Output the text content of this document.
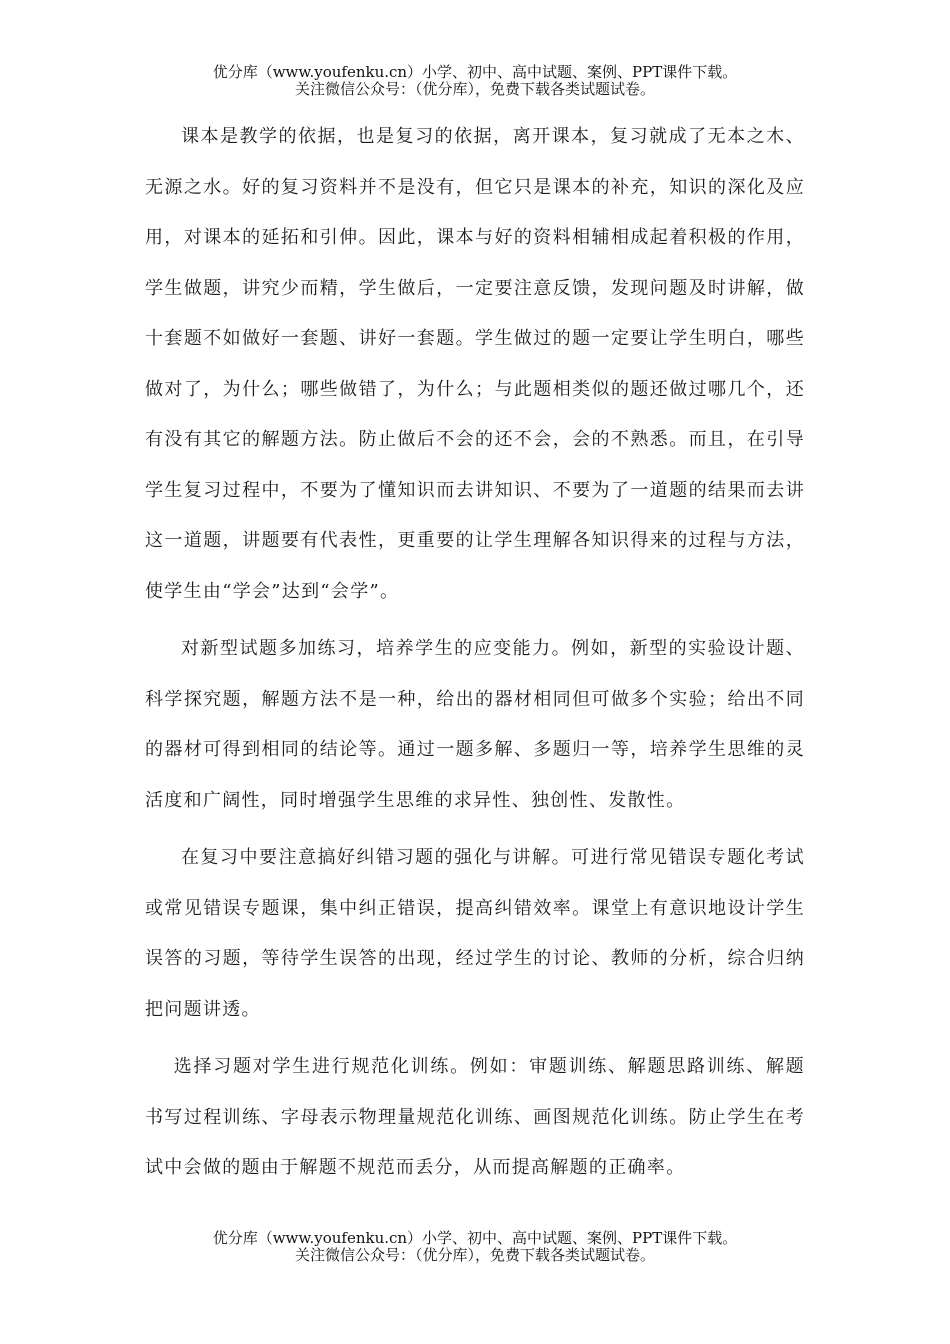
优分库（www.youfenku.cn）小学、初中、高中试题、案例、PPT课件下载。
关注微信公众号：（优分库），免费下载各类试题试卷。

课本是教学的依据，也是复习的依据，离开课本，复习就成了无本之木、无源之水。好的复习资料并不是没有，但它只是课本的补充，知识的深化及应用，对课本的延拓和引伸。因此，课本与好的资料相辅相成起着积极的作用，学生做题，讲究少而精，学生做后，一定要注意反馈，发现问题及时讲解，做十套题不如做好一套题、讲好一套题。学生做过的题一定要让学生明白，哪些做对了，为什么；哪些做错了，为什么；与此题相类似的题还做过哪几个，还有没有其它的解题方法。防止做后不会的还不会，会的不熟悉。而且，在引导学生复习过程中，不要为了懂知识而去讲知识、不要为了一道题的结果而去讲这一道题，讲题要有代表性，更重要的让学生理解各知识得来的过程与方法，使学生由“学会”达到“会学”。

对新型试题多加练习，培养学生的应变能力。例如，新型的实验设计题、科学探究题，解题方法不是一种，给出的器材相同但可做多个实验；给出不同的器材可得到相同的结论等。通过一题多解、多题归一等，培养学生思维的灵活度和广阔性，同时增强学生思维的求异性、独创性、发散性。

在复习中要注意搞好纠错习题的强化与讲解。可进行常见错误专题化考试或常见错误专题课，集中纠正错误，提高纠错效率。课堂上有意识地设计学生误答的习题，等待学生误答的出现，经过学生的讨论、教师的分析，综合归纳把问题讲透。

选择习题对学生进行规范化训练。例如：审题训练、解题思路训练、解题书写过程训练、字母表示物理量规范化训练、画图规范化训练。防止学生在考试中会做的题由于解题不规范而丢分，从而提高解题的正确率。

优分库（www.youfenku.cn）小学、初中、高中试题、案例、PPT课件下载。
关注微信公众号：（优分库），免费下载各类试题试卷。
